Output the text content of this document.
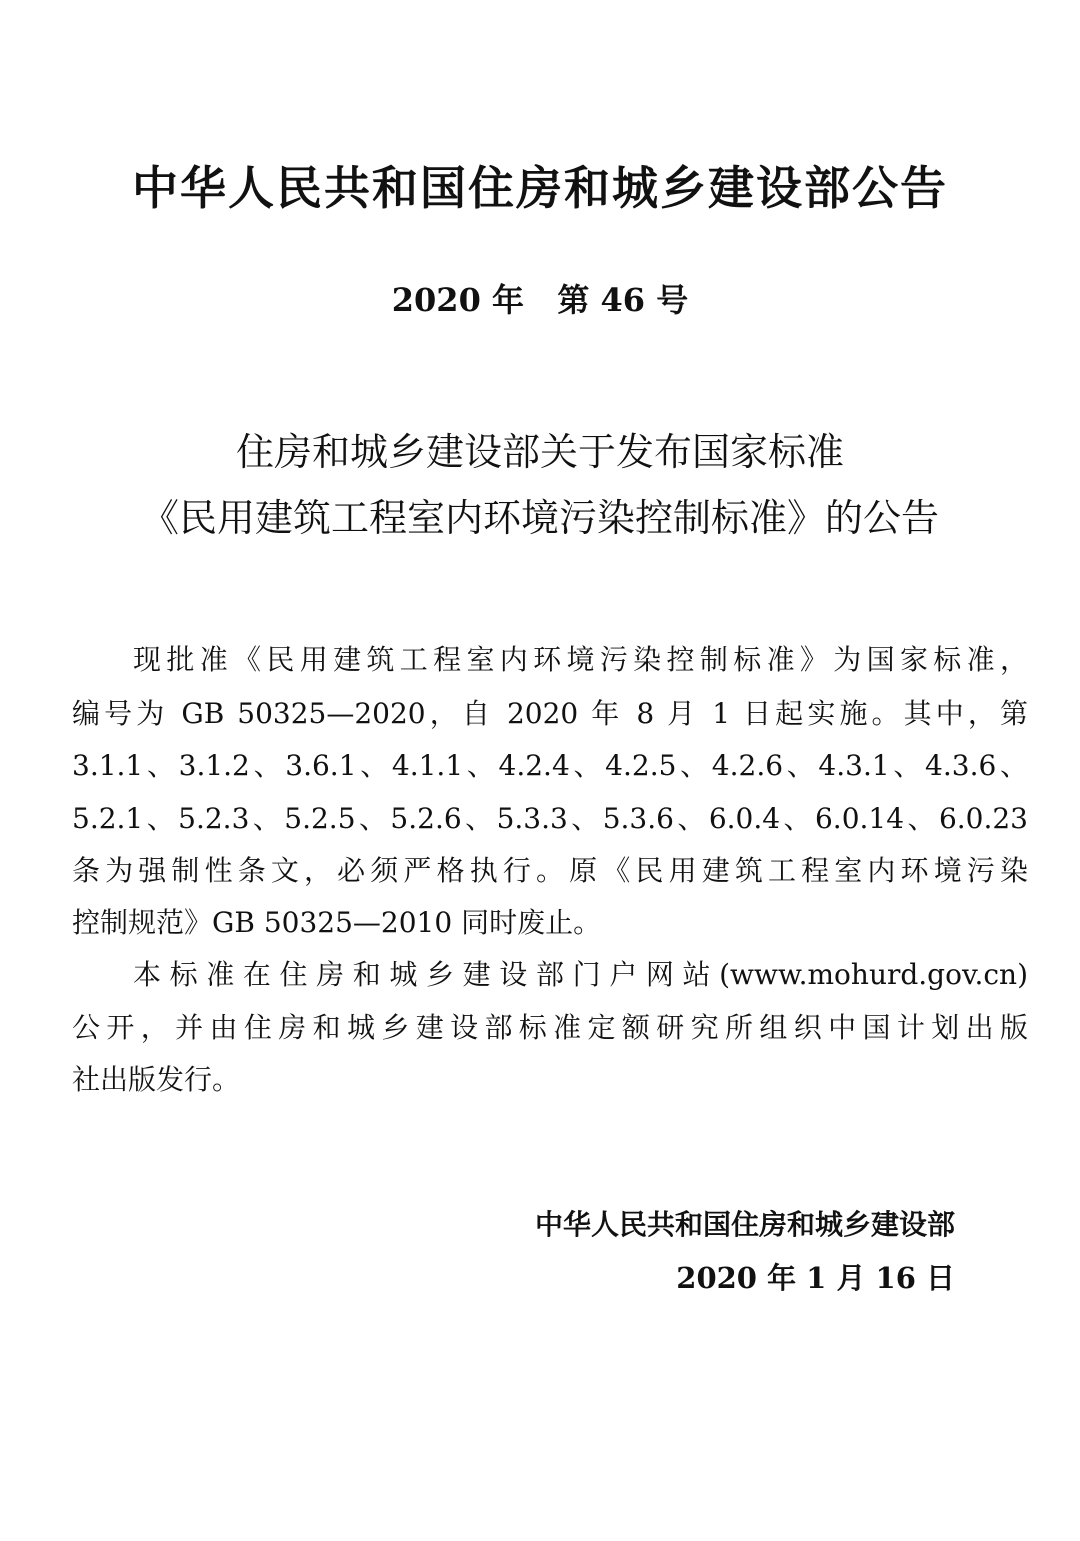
中华人民共和国住房和城乡建设部公告
2020 年   第 46 号
住房和城乡建设部关于发布国家标准
《民用建筑工程室内环境污染控制标准》的公告
现批准《民用建筑工程室内环境污染控制标准》为国家标准，
编号为 GB 50325—2020，自 2020 年 8 月 1 日起实施。其中，第
3.1.1、3.1.2、3.6.1、4.1.1、4.2.4、4.2.5、4.2.6、4.3.1、4.3.6、
5.2.1、5.2.3、5.2.5、5.2.6、5.3.3、5.3.6、6.0.4、6.0.14、6.0.23
条为强制性条文，必须严格执行。原《民用建筑工程室内环境污染
控制规范》GB 50325—2010 同时废止。
本标准在住房和城乡建设部门户网站(www.mohurd.gov.cn)
公开，并由住房和城乡建设部标准定额研究所组织中国计划出版
社出版发行。
中华人民共和国住房和城乡建设部
2020 年 1 月 16 日
